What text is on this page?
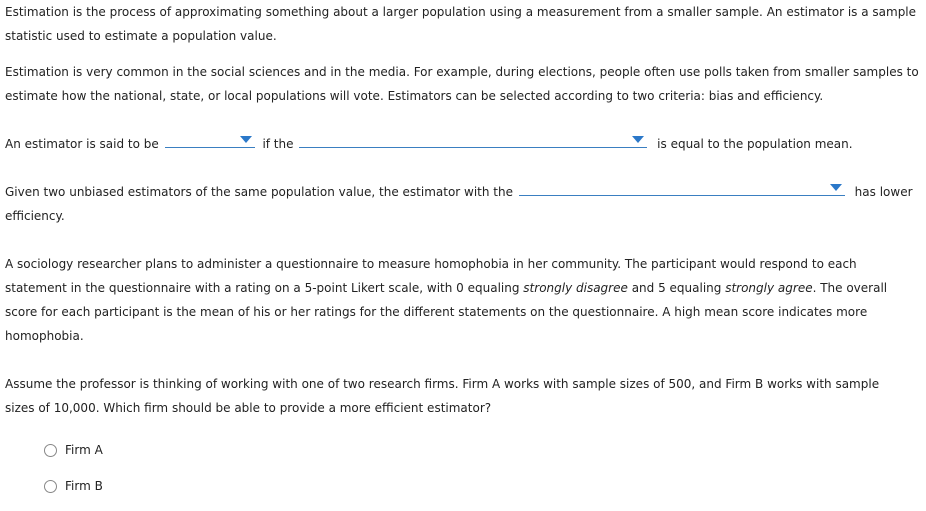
Estimation is the process of approximating something about a larger population using a measurement from a smaller sample. An estimator is a sample statistic used to estimate a population value.

Estimation is very common in the social sciences and in the media. For example, during elections, people often use polls taken from smaller samples to estimate how the national, state, or local populations will vote. Estimators can be selected according to two criteria: bias and efficiency.

An estimator is said to be	if the	is equal to the population mean.
Given two unbiased estimators of the same population value, the estimator with the	has lower
efficiency.

A sociology researcher plans to administer a questionnaire to measure homophobia in her community. The participant would respond to each statement in the questionnaire with a rating on a 5-point Likert scale, with 0 equaling strongly disagree and 5 equaling strongly agree. The overall score for each participant is the mean of his or her ratings for the different statements on the questionnaire. A high mean score indicates more homophobia.

Assume the professor is thinking of working with one of two research firms. Firm A works with sample sizes of 500, and Firm B works with sample sizes of 10,000. Which firm should be able to provide a more efficient estimator?

Firm A
Firm B
